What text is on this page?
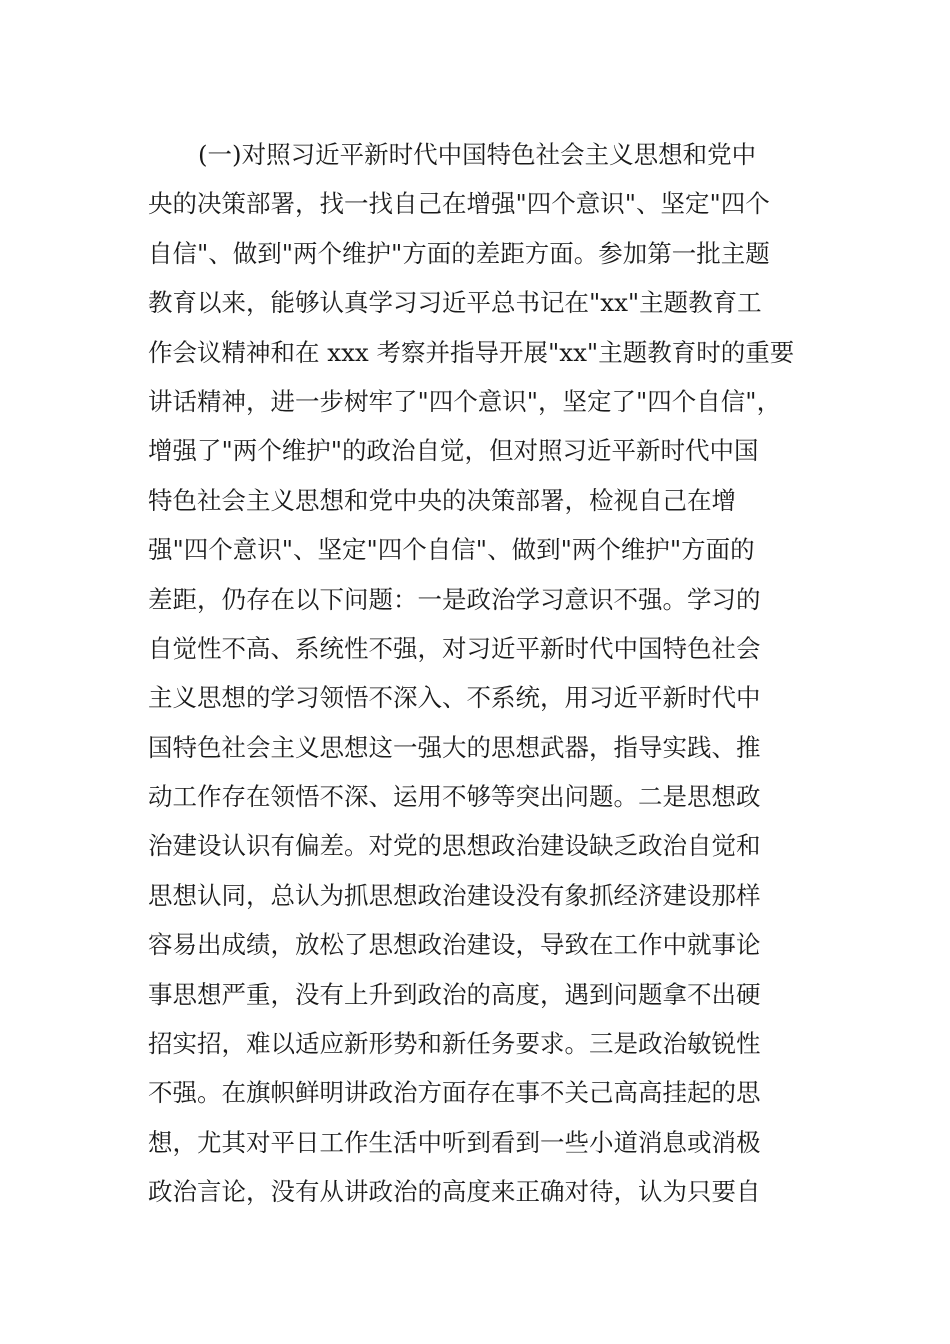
(一)对照习近平新时代中国特色社会主义思想和党中
央的决策部署，找一找自己在增强"四个意识"、坚定"四个
自信"、做到"两个维护"方面的差距方面。参加第一批主题
教育以来，能够认真学习习近平总书记在"xx"主题教育工
作会议精神和在 xxx 考察并指导开展"xx"主题教育时的重要
讲话精神，进一步树牢了"四个意识"，坚定了"四个自信"，
增强了"两个维护"的政治自觉，但对照习近平新时代中国
特色社会主义思想和党中央的决策部署，检视自己在增
强"四个意识"、坚定"四个自信"、做到"两个维护"方面的
差距，仍存在以下问题：一是政治学习意识不强。学习的
自觉性不高、系统性不强，对习近平新时代中国特色社会
主义思想的学习领悟不深入、不系统，用习近平新时代中
国特色社会主义思想这一强大的思想武器，指导实践、推
动工作存在领悟不深、运用不够等突出问题。二是思想政
治建设认识有偏差。对党的思想政治建设缺乏政治自觉和
思想认同，总认为抓思想政治建设没有象抓经济建设那样
容易出成绩，放松了思想政治建设，导致在工作中就事论
事思想严重，没有上升到政治的高度，遇到问题拿不出硬
招实招，难以适应新形势和新任务要求。三是政治敏锐性
不强。在旗帜鲜明讲政治方面存在事不关己高高挂起的思
想，尤其对平日工作生活中听到看到一些小道消息或消极
政治言论，没有从讲政治的高度来正确对待，认为只要自
